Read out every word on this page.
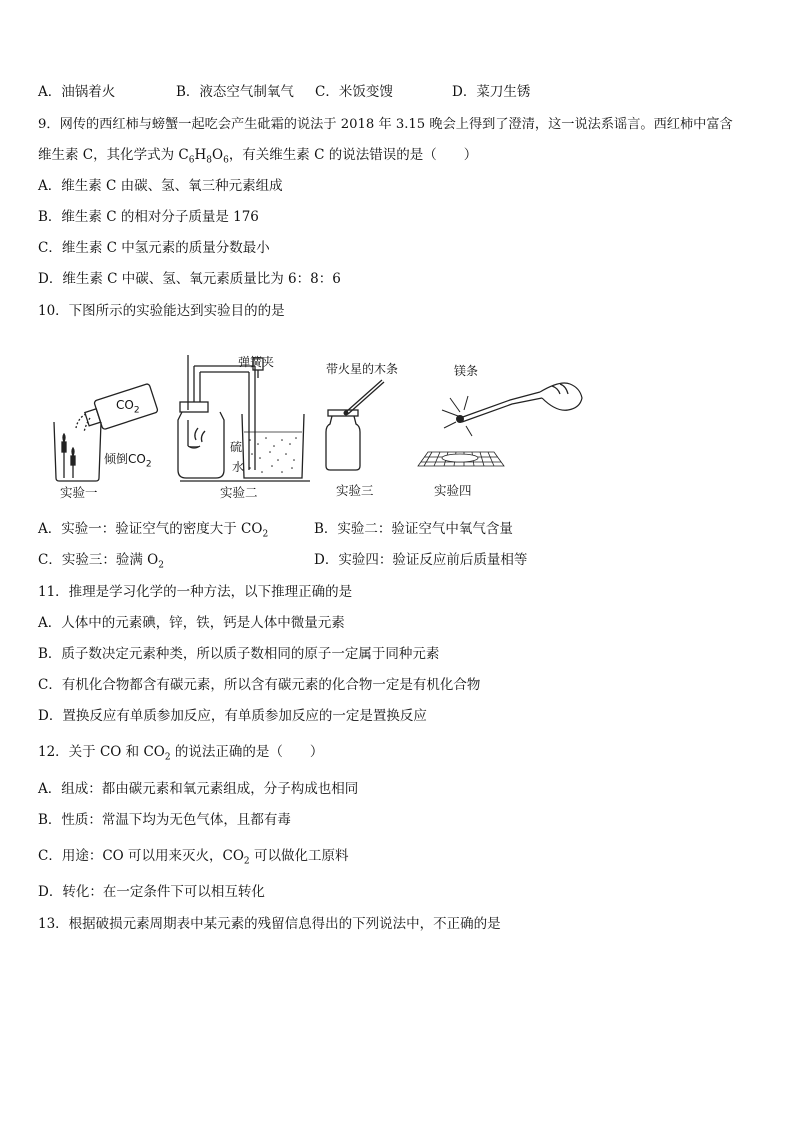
A．油锅着火	B．液态空气制氧气 C．米饭变馊	D．菜刀生锈
9．网传的西红柿与螃蟹一起吃会产生砒霜的说法于 2018 年 3.15 晚会上得到了澄清，这一说法系谣言。西红柿中富含
维生素 C，其化学式为 $C_6H_8O_6$，有关维生素 C 的说法错误的是（　　）
A．维生素 C 由碳、氢、氧三种元素组成
B．维生素 C 的相对分子质量是 176
C．维生素 C 中氢元素的质量分数最小
D．维生素 C 中碳、氢、氧元素质量比为 6：8：6
10．下图所示的实验能达到实验目的的是
$CO_2$
倾倒$CO_2$
弹簧夹
硫
水
带火星的木条	镁条
实验一	实验二	实验三	实验四
A．实验一：验证空气的密度大于 $CO_2$	B．实验二：验证空气中氧气含量
C．实验三：验满 $O_2$	D．实验四：验证反应前后质量相等
11．推理是学习化学的一种方法，以下推理正确的是
A．人体中的元素碘，锌，铁，钙是人体中微量元素
B．质子数决定元素种类，所以质子数相同的原子一定属于同种元素
C．有机化合物都含有碳元素，所以含有碳元素的化合物一定是有机化合物
D．置换反应有单质参加反应，有单质参加反应的一定是置换反应
12．关于 CO 和 $CO_2$ 的说法正确的是（　　）
A．组成：都由碳元素和氧元素组成，分子构成也相同
B．性质：常温下均为无色气体，且都有毒
C．用途：CO 可以用来灭火，$CO_2$ 可以做化工原料
D．转化：在一定条件下可以相互转化
13．根据破损元素周期表中某元素的残留信息得出的下列说法中，不正确的是
